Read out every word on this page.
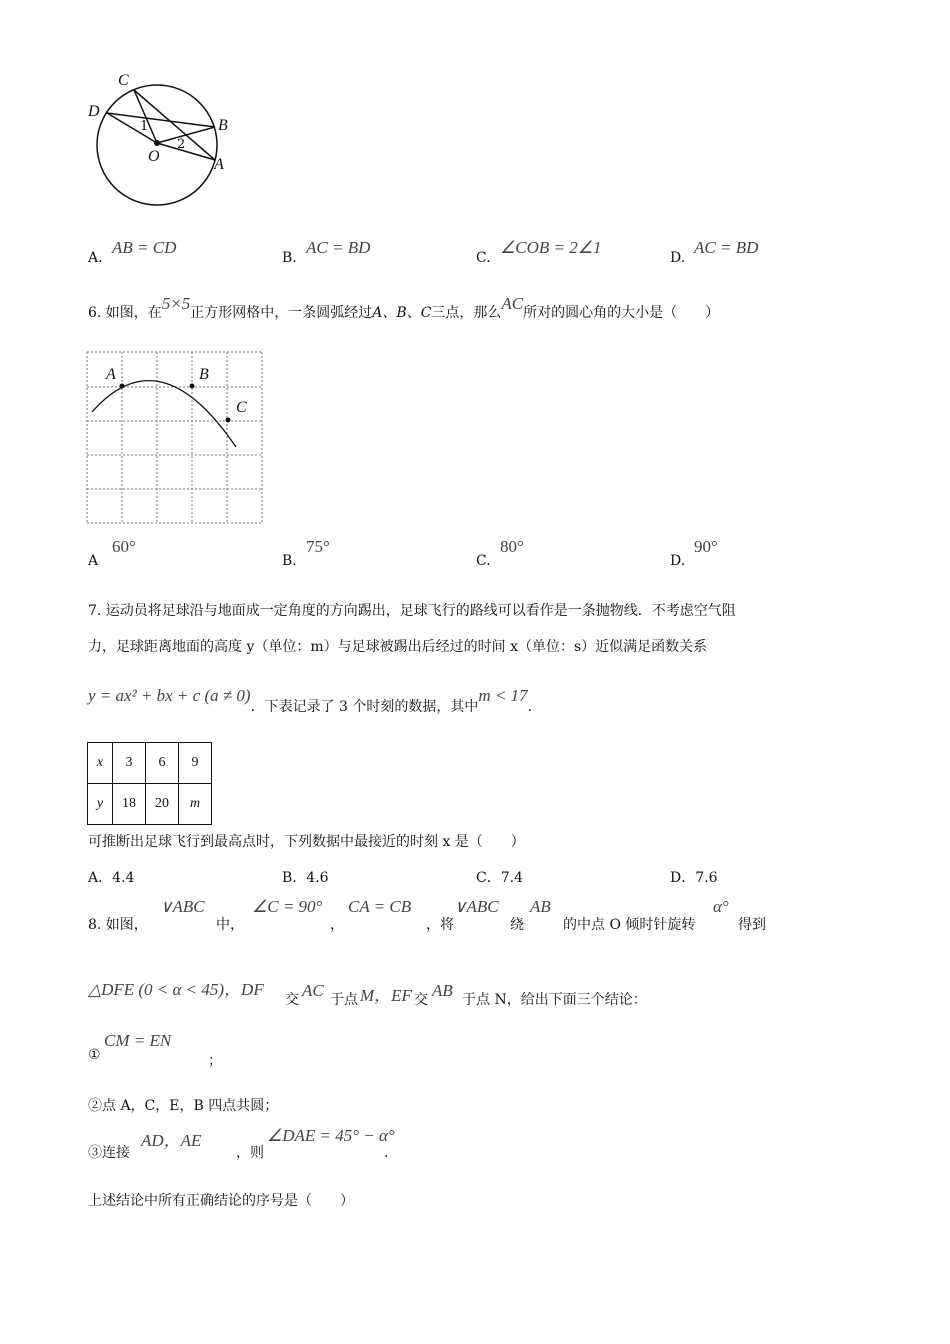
C
D
B
O	A
1
2
A.
AB = CD
B.
AC = BD
C.
∠COB = 2∠1
D.
AC = BD
6. 如图，在5×5正方形网格中，一条圆弧经过A、B、C三点，那么AC所对的圆心角的大小是（　　）
A	B
C
A
60°
B.
75°
C.
80°
D.
90°
7. 运动员将足球沿与地面成一定角度的方向踢出，足球飞行的路线可以看作是一条抛物线．不考虑空气阻
力，足球距离地面的高度 y（单位：m）与足球被踢出后经过的时间 x（单位：s）近似满足函数关系
y = ax² + bx + c (a ≠ 0)．下表记录了 3 个时刻的数据，其中m < 17．
x	3	6	9
y	18	20	m
可推断出足球飞行到最高点时，下列数据中最接近的时刻 x 是（　　）
A．4.4	B．4.6	C．7.4	D．7.6
8. 如图，
∨ABC
中，
∠C = 90°
，
CA = CB
，将
∨ABC
绕
AB
的中点 O 倾时针旋转
α°
得到
△DFE (0 < α < 45)，DF
交 AC 于点 M，EF 交 AB 于点 N，给出下面三个结论：
①
CM = EN
；
②点 A，C，E，B 四点共圆；
③连接
AD，AE
，则
∠DAE = 45° − α°
.
上述结论中所有正确结论的序号是（　　）
